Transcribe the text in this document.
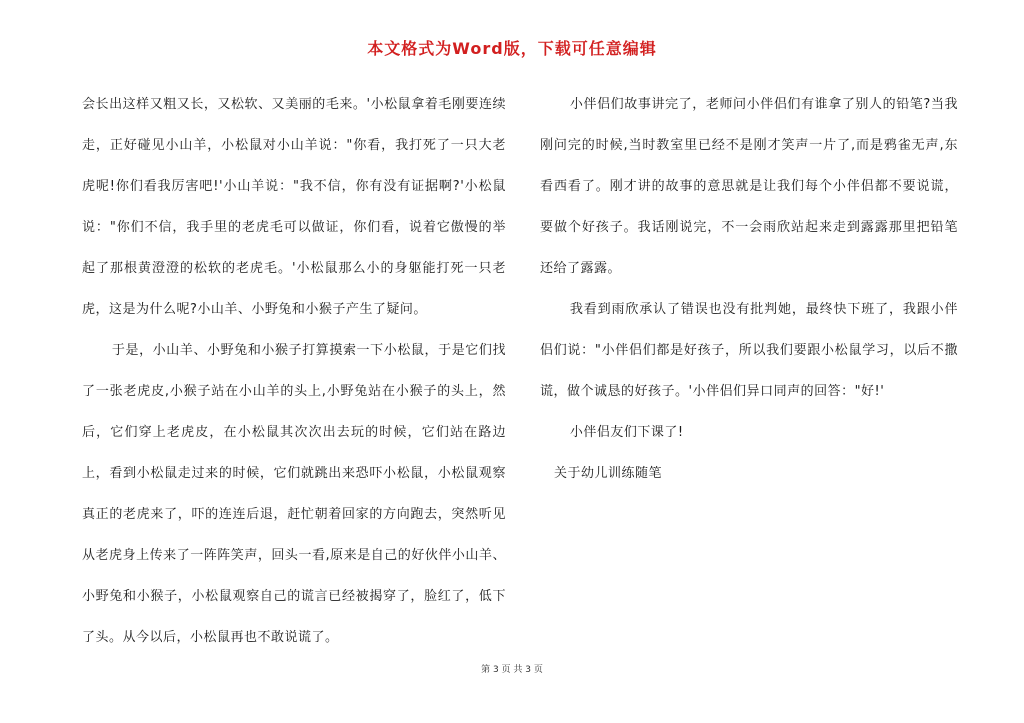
本文格式为Word版，下载可任意编辑

会长出这样又粗又长，又松软、又美丽的毛来。'小松鼠拿着毛刚要连续走，正好碰见小山羊，小松鼠对小山羊说："你看，我打死了一只大老虎呢!你们看我厉害吧!'小山羊说："我不信，你有没有证据啊?'小松鼠说："你们不信，我手里的老虎毛可以做证，你们看，说着它傲慢的举起了那根黄澄澄的松软的老虎毛。'小松鼠那么小的身躯能打死一只老虎，这是为什么呢?小山羊、小野兔和小猴子产生了疑问。

于是，小山羊、小野兔和小猴子打算摸索一下小松鼠，于是它们找了一张老虎皮,小猴子站在小山羊的头上,小野兔站在小猴子的头上，然后，它们穿上老虎皮，在小松鼠其次次出去玩的时候，它们站在路边上，看到小松鼠走过来的时候，它们就跳出来恐吓小松鼠，小松鼠观察真正的老虎来了，吓的连连后退，赶忙朝着回家的方向跑去，突然听见从老虎身上传来了一阵阵笑声，回头一看,原来是自己的好伙伴小山羊、小野兔和小猴子，小松鼠观察自己的谎言已经被揭穿了，脸红了，低下了头。从今以后，小松鼠再也不敢说谎了。

小伴侣们故事讲完了，老师问小伴侣们有谁拿了别人的铅笔?当我刚问完的时候,当时教室里已经不是刚才笑声一片了,而是鸦雀无声,东看西看了。刚才讲的故事的意思就是让我们每个小伴侣都不要说谎，要做个好孩子。我话刚说完，不一会雨欣站起来走到露露那里把铅笔还给了露露。

我看到雨欣承认了错误也没有批判她，最终快下班了，我跟小伴侣们说："小伴侣们都是好孩子，所以我们要跟小松鼠学习，以后不撒谎，做个诚恳的好孩子。'小伴侣们异口同声的回答："好!'

小伴侣友们下课了!

关于幼儿训练随笔

第 3 页 共 3 页
